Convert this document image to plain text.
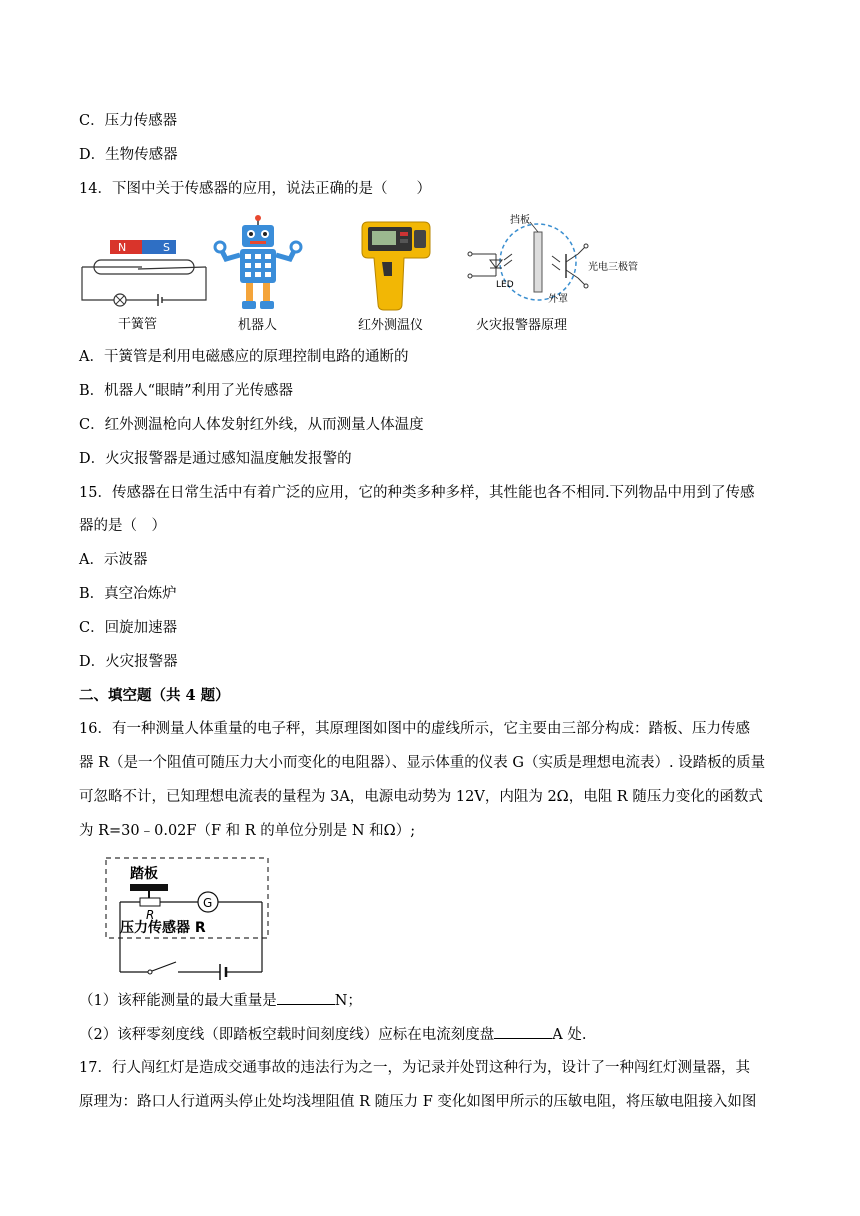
C．压力传感器
D．生物传感器
14．下图中关于传感器的应用，说法正确的是（　　）
N	S
干簧管	机器人	红外测温仪
挡板
LED
光电三极管
外罩
火灾报警器原理
A．干簧管是利用电磁感应的原理控制电路的通断的
B．机器人“眼睛”利用了光传感器
C．红外测温枪向人体发射红外线，从而测量人体温度
D．火灾报警器是通过感知温度触发报警的
15．传感器在日常生活中有着广泛的应用，它的种类多种多样，其性能也各不相同.下列物品中用到了传感
器的是（　）
A．示波器
B．真空冶炼炉
C．回旋加速器
D．火灾报警器
二、填空题（共 4 题）
16．有一种测量人体重量的电子秤，其原理图如图中的虚线所示，它主要由三部分构成：踏板、压力传感
器 R（是一个阻值可随压力大小而变化的电阻器）、显示体重的仪表 G（实质是理想电流表）. 设踏板的质量
可忽略不计，已知理想电流表的量程为 3A，电源电动势为 12V，内阻为 2Ω，电阻 R 随压力变化的函数式
为 R=30﹣0.02F（F 和 R 的单位分别是 N 和Ω）;
踏板
R
G
压力传感器 R
（1）该秤能测量的最大重量是	N；
（2）该秤零刻度线（即踏板空载时间刻度线）应标在电流刻度盘	A 处.
17．行人闯红灯是造成交通事故的违法行为之一，为记录并处罚这种行为，设计了一种闯红灯测量器，其
原理为：路口人行道两头停止处均浅埋阻值 R 随压力 F 变化如图甲所示的压敏电阻，将压敏电阻接入如图
